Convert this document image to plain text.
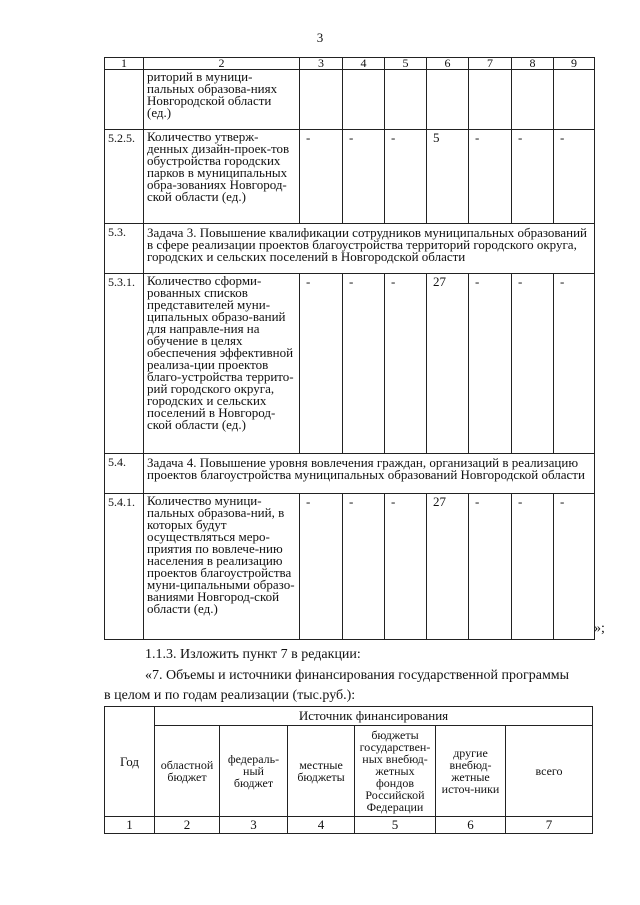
3
1	2	3	4	5	6	7	8	9
	риторий в муници-пальных образова-ниях Новгородской области (ед.)							
5.2.5.	Количество утверж-денных дизайн-проек-тов обустройства городских парков в муниципальных обра-зованиях Новгород-ской области (ед.)	-	-	-	5	-	-	-
5.3.	Задача 3. Повышение квалификации сотрудников муниципальных образований в сфере реализации проектов благоустройства территорий городского округа, городских и сельских поселений в Новгородской области							
5.3.1.	Количество сформи-рованных списков представителей муни-ципальных образо-ваний для направле-ния на обучение в целях обеспечения эффективной реализа-ции проектов благо-устройства террито-рий городского округа, городских и сельских поселений в Новгород-ской области (ед.)	-	-	-	27	-	-	-
5.4.	Задача 4. Повышение уровня вовлечения граждан, организаций в реализацию проектов благоустройства муниципальных образований Новгородской области							
5.4.1.	Количество муници-пальных образова-ний, в которых будут осуществляться меро-приятия по вовлече-нию населения в реализацию проектов благоустройства муни-ципальными образо-ваниями Новгород-ской области (ед.)	-	-	-	27	-	-	-
»;
1.1.3. Изложить пункт 7 в редакции:
«7. Объемы и источники финансирования государственной программы
в целом и по годам реализации (тыс.руб.):
Год	Источник финансирования					
	областной бюджет	федераль-ный бюджет	местные бюджеты	бюджеты государствен-ных внебюд-жетных фондов Российской Федерации	другие внебюд-жетные источ-ники	всего
1	2	3	4	5	6	7
